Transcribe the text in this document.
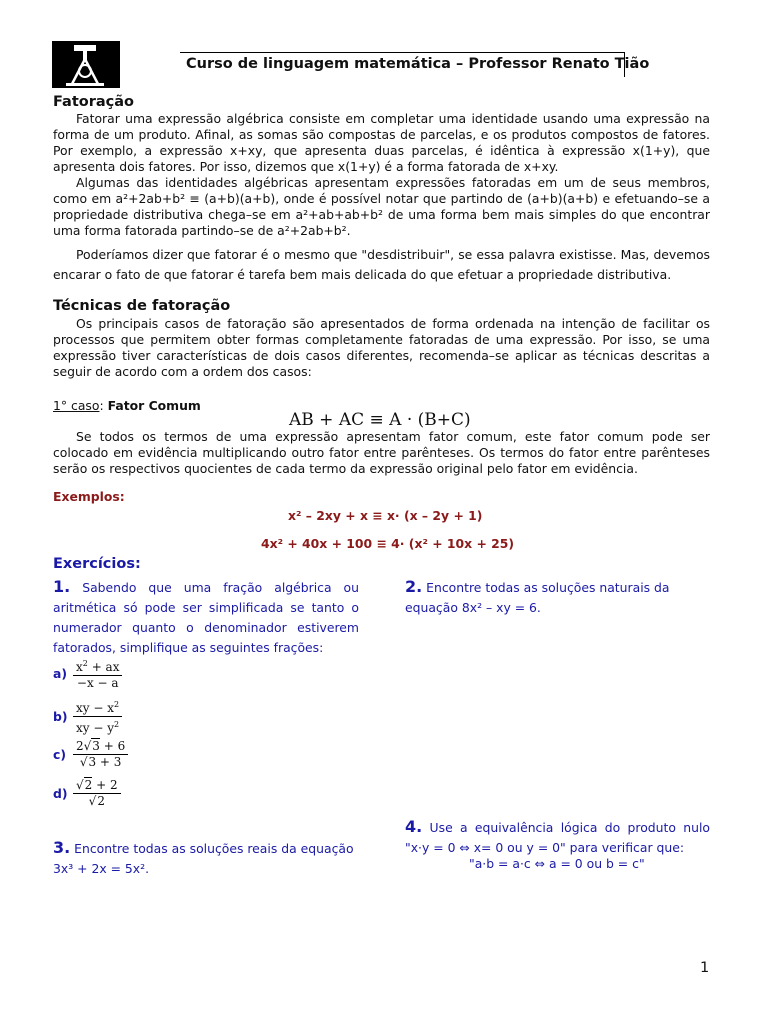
Curso de linguagem matemática – Professor Renato Tião
Fatoração

Fatorar uma expressão algébrica consiste em completar uma identidade usando uma expressão na forma de um produto. Afinal, as somas são compostas de parcelas, e os produtos compostos de fatores. Por exemplo, a expressão x+xy, que apresenta duas parcelas, é idêntica à expressão x(1+y), que apresenta dois fatores. Por isso, dizemos que x(1+y) é a forma fatorada de x+xy.

Algumas das identidades algébricas apresentam expressões fatoradas em um de seus membros, como em a²+2ab+b² ≡ (a+b)(a+b), onde é possível notar que partindo de (a+b)(a+b) e efetuando–se a propriedade distributiva chega–se em a²+ab+ab+b² de uma forma bem mais simples do que encontrar uma forma fatorada partindo–se de a²+2ab+b².

Poderíamos dizer que fatorar é o mesmo que "desdistribuir", se essa palavra existisse. Mas, devemos encarar o fato de que fatorar é tarefa bem mais delicada do que efetuar a propriedade distributiva.

Técnicas de fatoração

Os principais casos de fatoração são apresentados de forma ordenada na intenção de facilitar os processos que permitem obter formas completamente fatoradas de uma expressão. Por isso, se uma expressão tiver características de dois casos diferentes, recomenda–se aplicar as técnicas descritas a seguir de acordo com a ordem dos casos:

1° caso: Fator Comum
AB + AC ≡ A · (B+C)

Se todos os termos de uma expressão apresentam fator comum, este fator comum pode ser colocado em evidência multiplicando outro fator entre parênteses. Os termos do fator entre parênteses serão os respectivos quocientes de cada termo da expressão original pelo fator em evidência.

Exemplos:
x² – 2xy + x ≡ x· (x – 2y + 1)
4x² + 40x + 100 ≡ 4· (x² + 10x + 25)
Exercícios:
1. Sabendo que uma fração algébrica ou aritmética só pode ser simplificada se tanto o numerador quanto o denominador estiverem fatorados, simplifique as seguintes frações:
$a) \frac{x^2 + ax}{-x - a}$
$b) \frac{xy - x^2}{xy - y^2}$
$c) \frac{2√3 + 6}{√3 + 3}$
$d) \frac{√2 + 2}{√2}$
2. Encontre todas as soluções naturais da equação 8x² – xy = 6.
3. Encontre todas as soluções reais da equação 3x³ + 2x = 5x².
4. Use a equivalência lógica do produto nulo "x·y = 0 ⇔ x= 0 ou y = 0" para verificar que:
"a·b = a·c ⇔ a = 0 ou b = c"
1
